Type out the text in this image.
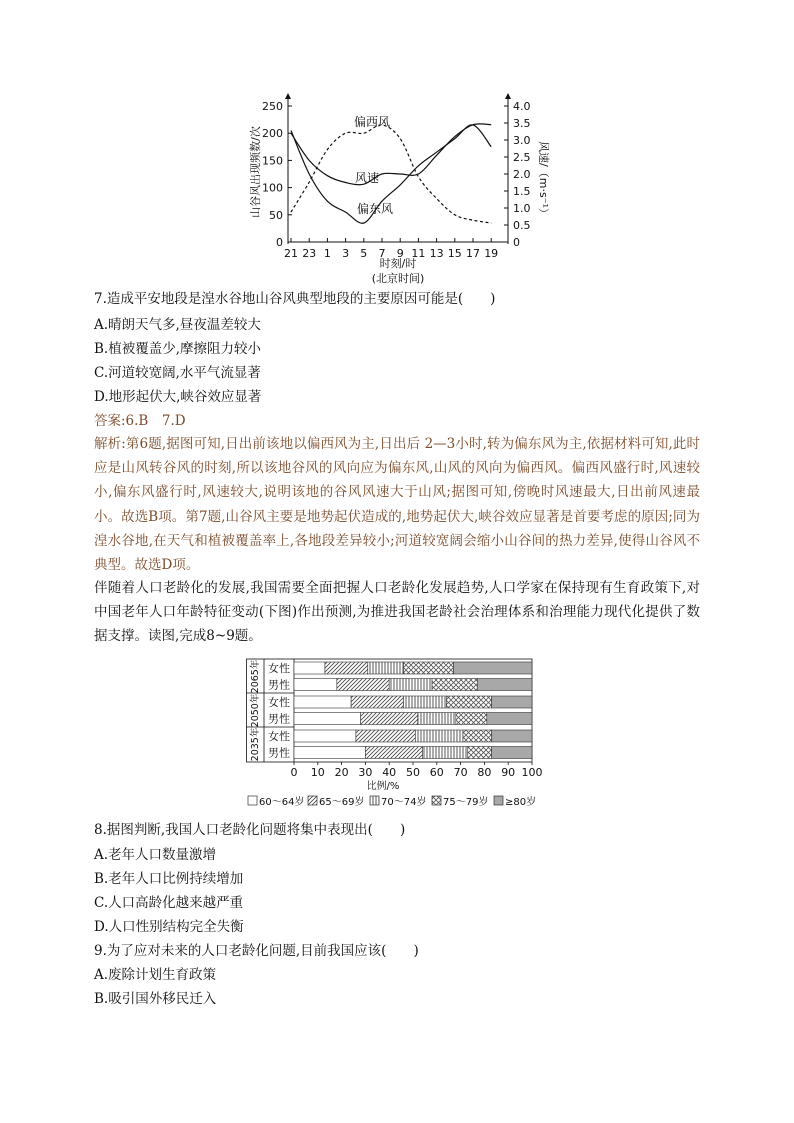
250
200
150
100
50
0
4.0
3.5
3.0
2.5
2.0
1.5
1.0
0.5
0
21 23 1 3 5 7 9 11 13 15 17 19
山谷风出现频数/次	风速/（m·s⁻¹）
时刻/时
(北京时间)
偏西风
风速
偏东风
7.造成平安地段是湟水谷地山谷风典型地段的主要原因可能是(　　)
A.晴朗天气多,昼夜温差较大
B.植被覆盖少,摩擦阻力较小
C.河道较宽阔,水平气流显著
D.地形起伏大,峡谷效应显著
答案:6.B　7.D
解析:第6题,据图可知,日出前该地以偏西风为主,日出后 2—3小时,转为偏东风为主,依据材料可知,此时应是山风转谷风的时刻,所以该地谷风的风向应为偏东风,山风的风向为偏西风。偏西风盛行时,风速较小,偏东风盛行时,风速较大,说明该地的谷风风速大于山风;据图可知,傍晚时风速最大,日出前风速最小。故选B项。第7题,山谷风主要是地势起伏造成的,地势起伏大,峡谷效应显著是首要考虑的原因;同为湟水谷地,在天气和植被覆盖率上,各地段差异较小;河道较宽阔会缩小山谷间的热力差异,使得山谷风不典型。故选D项。
伴随着人口老龄化的发展,我国需要全面把握人口老龄化发展趋势,人口学家在保持现有生育政策下,对中国老年人口年龄特征变动(下图)作出预测,为推进我国老龄社会治理体系和治理能力现代化提供了数据支撑。读图,完成8~9题。
2065年
2050年
2035年
女性
男性
女性
男性
女性
男性
0 10 20 30 40 50 60 70 80 90 100
比例/%
60～64岁 65～69岁 70～74岁 75～79岁 ≥80岁
8.据图判断,我国人口老龄化问题将集中表现出(　　)
A.老年人口数量激增
B.老年人口比例持续增加
C.人口高龄化越来越严重
D.人口性别结构完全失衡
9.为了应对未来的人口老龄化问题,目前我国应该(　　)
A.废除计划生育政策
B.吸引国外移民迁入
